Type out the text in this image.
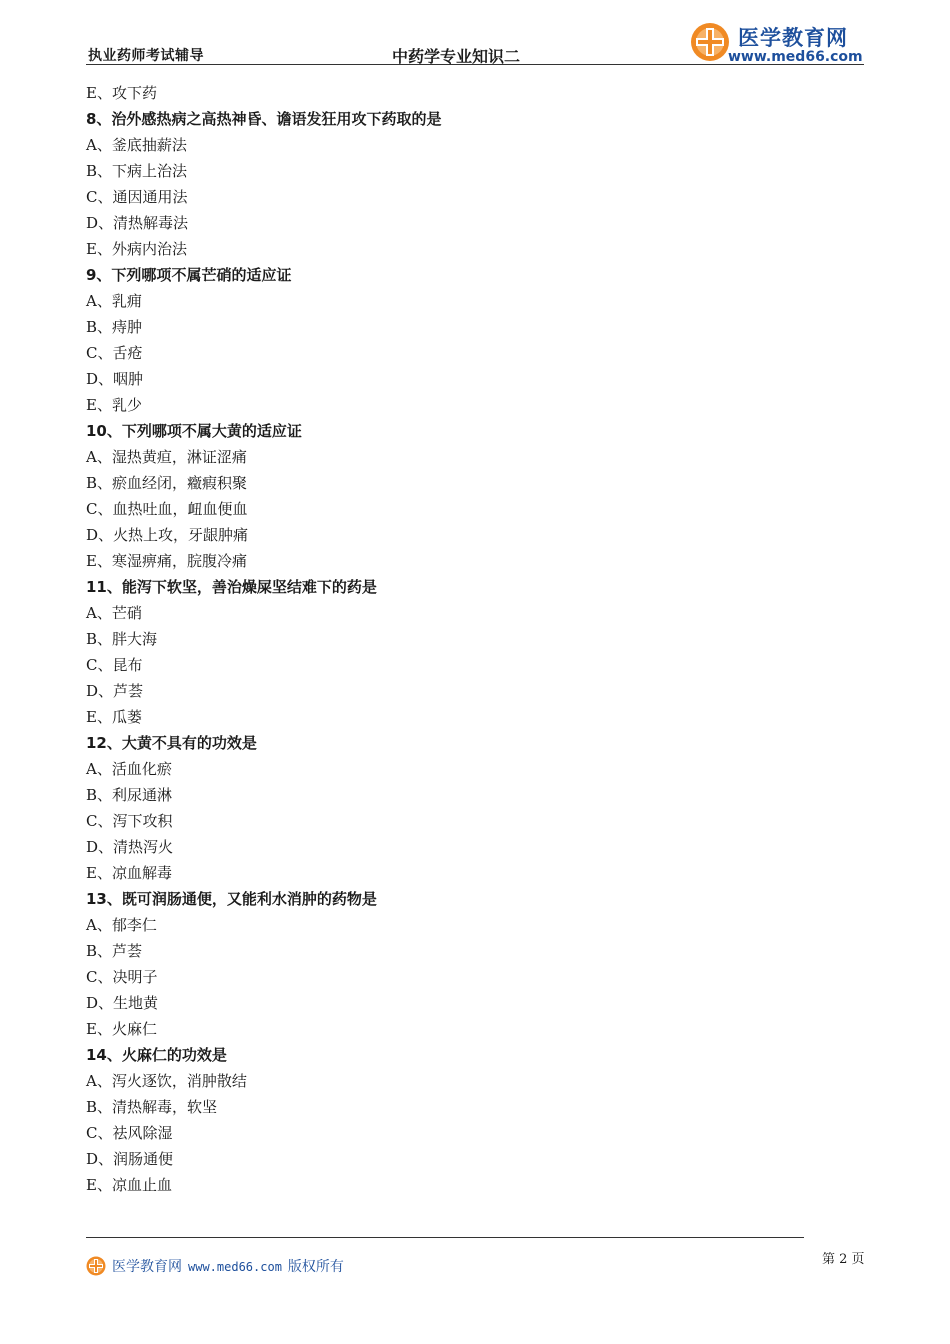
执业药师考试辅导	中药学专业知识二
医学教育网
www.med66.com
E、攻下药
8、治外感热病之高热神昏、谵语发狂用攻下药取的是
A、釜底抽薪法
B、下病上治法
C、通因通用法
D、清热解毒法
E、外病内治法
9、下列哪项不属芒硝的适应证
A、乳痈
B、痔肿
C、舌疮
D、咽肿
E、乳少
10、下列哪项不属大黄的适应证
A、湿热黄疸，淋证涩痛
B、瘀血经闭，癥瘕积聚
C、血热吐血，衄血便血
D、火热上攻，牙龈肿痛
E、寒湿痹痛，脘腹冷痛
11、能泻下软坚，善治燥屎坚结难下的药是
A、芒硝
B、胖大海
C、昆布
D、芦荟
E、瓜蒌
12、大黄不具有的功效是
A、活血化瘀
B、利尿通淋
C、泻下攻积
D、清热泻火
E、凉血解毒
13、既可润肠通便，又能利水消肿的药物是
A、郁李仁
B、芦荟
C、决明子
D、生地黄
E、火麻仁
14、火麻仁的功效是
A、泻火逐饮，消肿散结
B、清热解毒，软坚
C、祛风除湿
D、润肠通便
E、凉血止血
第 2 页
医学教育网 www.med66.com 版权所有
